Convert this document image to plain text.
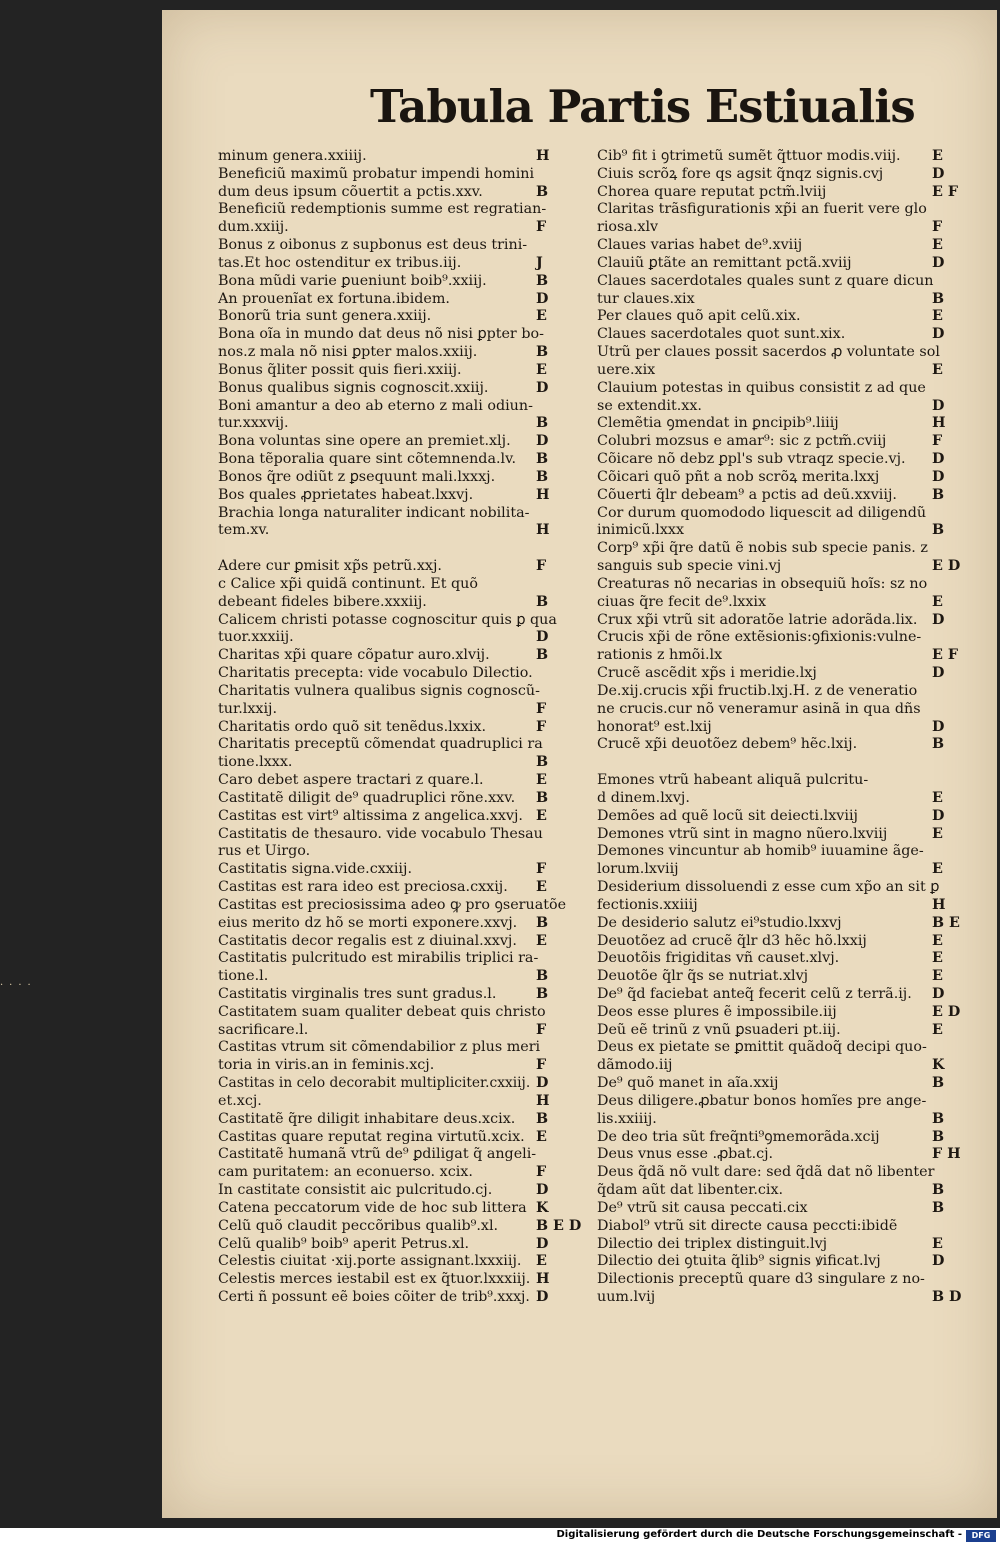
····
Tabula Partis Estiualis
minum genera.xxiiij.	H
Beneficiũ maximũ probatur impendi homini
dum deus ipsum cõuertit a pctis.xxv.	B
Beneficiũ redemptionis summe est regratian-
dum.xxiij.	F
Bonus z oibonus z supbonus est deus trini-
tas.Et hoc ostenditur ex tribus.iij.	J
Bona mũdi varie ꝑueniunt boib⁹.xxiij.	B
An prouenĩat ex fortuna.ibidem.	D
Bonorũ tria sunt genera.xxiij.	E
Bona oĩa in mundo dat deus nõ nisi ꝑpter bo-
nos.z mala nõ nisi ꝑpter malos.xxiij.	B
Bonus q̃liter possit quis fieri.xxiij.	E
Bonus qualibus signis cognoscit.xxiij.	D
Boni amantur a deo ab eterno z mali odiun-
tur.xxxvij.	B
Bona voluntas sine opere an premiet.xlj. D
Bona tẽporalia quare sint cõtemnenda.lv. B
Bonos q̃re odiũt z ꝑsequunt mali.lxxxj.	B
Bos quales ꝓprietates habeat.lxxvj.	H
Brachia longa naturaliter indicant nobilita-
tem.xv.	H
Adere cur ꝑmisit xp̃s petrũ.xxj.	F
c Calice xp̃i quidã continunt. Et quõ
debeant fideles bibere.xxxiij.	B
Calicem christi potasse cognoscitur quis ꝑ qua
tuor.xxxiij.	D
Charitas xp̃i quare cõpatur auro.xlvij.	B
Charitatis precepta: vide vocabulo Dilectio.
Charitatis vulnera qualibus signis cognoscũ-
tur.lxxij.	F
Charitatis ordo quõ sit tenẽdus.lxxix.	F
Charitatis preceptũ cõmendat quadruplici ra
tione.lxxx.	B
Caro debet aspere tractari z quare.l.	E
Castitatẽ diligit de⁹ quadruplici rõne.xxv. B
Castitas est virt⁹ altissima z angelica.xxvj. E
Castitatis de thesauro. vide vocabulo Thesau
rus et Uirgo.
Castitatis signa.vide.cxxiij.	F
Castitas est rara ideo est preciosa.cxxij. E
Castitas est preciosissima adeo ꝙ pro ꝯseruatõe
eius merito dz hõ se morti exponere.xxvj. B
Castitatis decor regalis est z diuinal.xxvj. E
Castitatis pulcritudo est mirabilis triplici ra-
tione.l.	B
Castitatis virginalis tres sunt gradus.l.	B
Castitatem suam qualiter debeat quis christo
sacrificare.l.	F
Castitas vtrum sit cõmendabilior z plus meri
toria in viris.an in feminis.xcj.	F
Castitas in celo decorabit multipliciter.cxxiij. D
et.xcj.	H
Castitatẽ q̃re diligit inhabitare deus.xcix. B
Castitas quare reputat regina virtutũ.xcix. E
Castitatẽ humanã vtrũ de⁹ ꝑdiligat q̃ angeli-
cam puritatem: an econuerso. xcix.	F
In castitate consistit aic pulcritudo.cj.	D
Catena peccatorum vide de hoc sub littera K
Celũ quõ claudit peccõribus qualib⁹.xl.	B E D
Celũ qualib⁹ boib⁹ aperit Petrus.xl.	D
Celestis ciuitat ·xij.porte assignant.lxxxiij. E
Celestis merces iestabil est ex q̃tuor.lxxxiij. H
Certi ñ possunt eẽ boies cõiter de trib⁹.xxxj. D
Cib⁹ fit i ꝯtrimetũ sumẽt q̃ttuor modis.viij. E
Ciuis scrõꝝ fore qs agsit q̃nqz signis.cvj	D
Chorea quare reputat pctm̃.lviij	E F
Claritas trãsfigurationis xp̃i an fuerit vere glo
riosa.xlv	F
Claues varias habet de⁹.xviij	E
Clauiũ ꝑtãte an remittant pctã.xviij	D
Claues sacerdotales quales sunt z quare dicun
tur claues.xix	B
Per claues quõ apit celũ.xix.	E
Claues sacerdotales quot sunt.xix.	D
Utrũ per claues possit sacerdos ꝓ voluntate sol
uere.xix	E
Clauium potestas in quibus consistit z ad que
se extendit.xx.	D
Clemẽtia ꝯmendat in ꝑncipib⁹.liiij	H
Colubri mozsus e amar⁹: sic z pctm̃.cviij	F
Cõicare nõ debz ꝑpl's sub vtraqz specie.vj. D
Cõicari quõ pñt a nob scrõꝝ merita.lxxj	D
Cõuerti q̃lr debeam⁹ a pctis ad deũ.xxviij. B
Cor durum quomododo liquescit ad diligendũ
inimicũ.lxxx	B
Corp⁹ xp̃i q̃re datũ ẽ nobis sub specie panis. z
sanguis sub specie vini.vj	E D
Creaturas nõ necarias in obsequiũ hoĩs: sz no
ciuas q̃re fecit de⁹.lxxix	E
Crux xp̃i vtrũ sit adoratõe latrie adorãda.lix. D
Crucis xp̃i de rõne extẽsionis:ꝯfixionis:vulne-
rationis z hmõi.lx	E F
Crucẽ ascẽdit xp̃s i meridie.lxj	D
De.xij.crucis xp̃i fructib.lxj.H. z de veneratio
ne crucis.cur nõ veneramur asinã in qua dñs
honorat⁹ est.lxij	D
Crucẽ xp̃i deuotõez debem⁹ hẽc.lxij.	B
Emones vtrũ habeant aliquã pulcritu-
d dinem.lxvj.	E
Demões ad quẽ locũ sit deiecti.lxviij	D
Demones vtrũ sint in magno nũero.lxviij	E
Demones vincuntur ab homib⁹ iuuamine ãge-
lorum.lxviij	E
Desiderium dissoluendi z esse cum xp̃o an sit ꝑ
fectionis.xxiiij	H
De desiderio salutz ei⁹studio.lxxvj	B E
Deuotõez ad crucẽ q̃lr d3 hẽc hõ.lxxij	E
Deuotõis frigiditas vñ causet.xlvj.	E
Deuotõe q̃lr q̃s se nutriat.xlvj	E
De⁹ q̃d faciebat anteq̃ fecerit celũ z terrã.ij. D
Deos esse plures ẽ impossibile.iij	E D
Deũ eẽ trinũ z vnũ ꝑsuaderi pt.iij.	E
Deus ex pietate se ꝑmittit quãdoq̃ decipi quo-
dãmodo.iij	K
De⁹ quõ manet in aĩa.xxij	B
Deus diligere.ꝓbatur bonos homĩes pre ange-
lis.xxiiij.	B
De deo tria sũt freq̃nti⁹ꝯmemorãda.xcij	B
Deus vnus esse .ꝓbat.cj.	F H
Deus q̃dã nõ vult dare: sed q̃dã dat nõ libenter
q̃dam aũt dat libenter.cix.	B
De⁹ vtrũ sit causa peccati.cix	B
Diabol⁹ vtrũ sit directe causa peccti:ibidẽ
Dilectio dei triplex distinguit.lvj	E
Dilectio dei ꝯtuita q̃lib⁹ signis ꝟificat.lvj	D
Dilectionis preceptũ quare d3 singulare z no-
uum.lvij	B D
Digitalisierung gefördert durch die Deutsche Forschungsgemeinschaft -	DFG
